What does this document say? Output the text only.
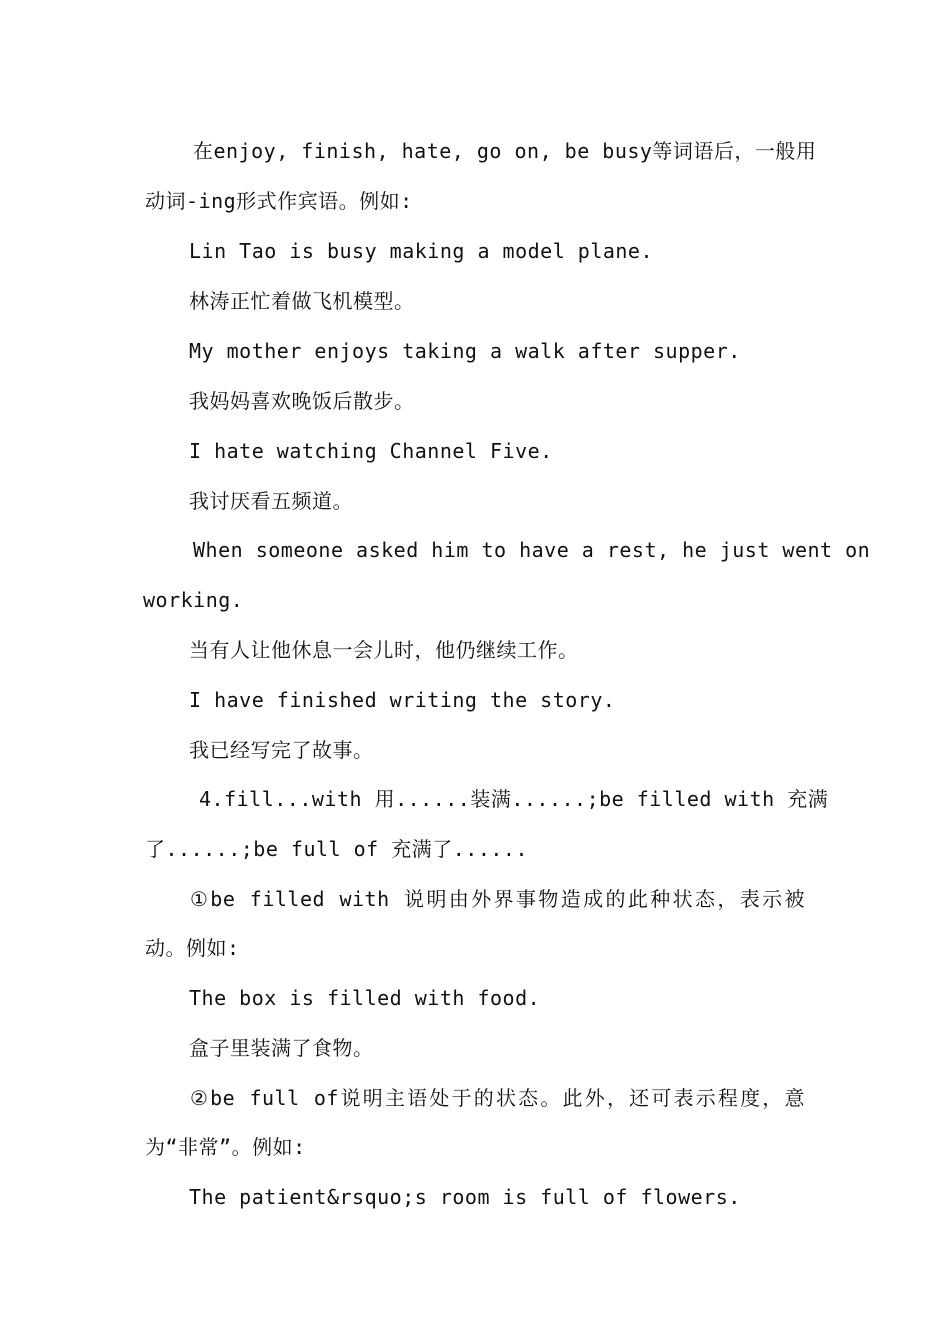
在enjoy, finish, hate, go on, be busy等词语后，一般用
动词-ing形式作宾语。例如:
Lin Tao is busy making a model plane.
林涛正忙着做飞机模型。
My mother enjoys taking a walk after supper.
我妈妈喜欢晚饭后散步。
I hate watching Channel Five.
我讨厌看五频道。
When someone asked him to have a rest, he just went on
working.
当有人让他休息一会儿时，他仍继续工作。
I have finished writing the story.
我已经写完了故事。
4.fill...with 用......装满......;be filled with 充满
了......;be full of 充满了......
①be filled with 说明由外界事物造成的此种状态，表示被
动。例如:
The box is filled with food.
盒子里装满了食物。
②be full of说明主语处于的状态。此外，还可表示程度，意
为“非常”。例如:
The patient&rsquo;s room is full of flowers.
